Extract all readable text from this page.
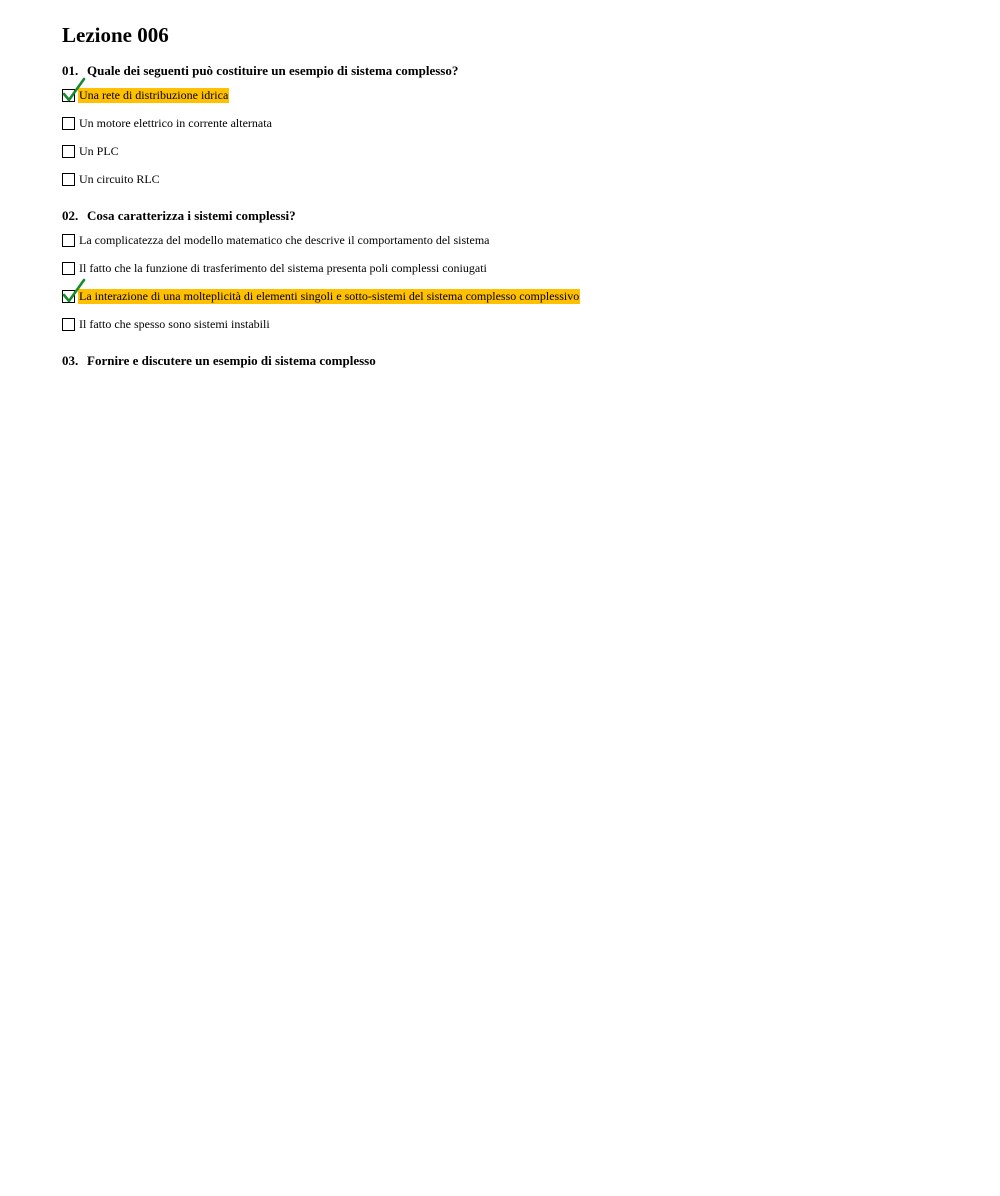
Lezione 006
01. Quale dei seguenti può costituire un esempio di sistema complesso?
Una rete di distribuzione idrica
Un motore elettrico in corrente alternata
Un PLC
Un circuito RLC
02. Cosa caratterizza i sistemi complessi?
La complicatezza del modello matematico che descrive il comportamento del sistema
Il fatto che la funzione di trasferimento del sistema presenta poli complessi coniugati
La interazione di una molteplicità di elementi singoli e sotto-sistemi del sistema complesso complessivo
Il fatto che spesso sono sistemi instabili
03. Fornire e discutere un esempio di sistema complesso
